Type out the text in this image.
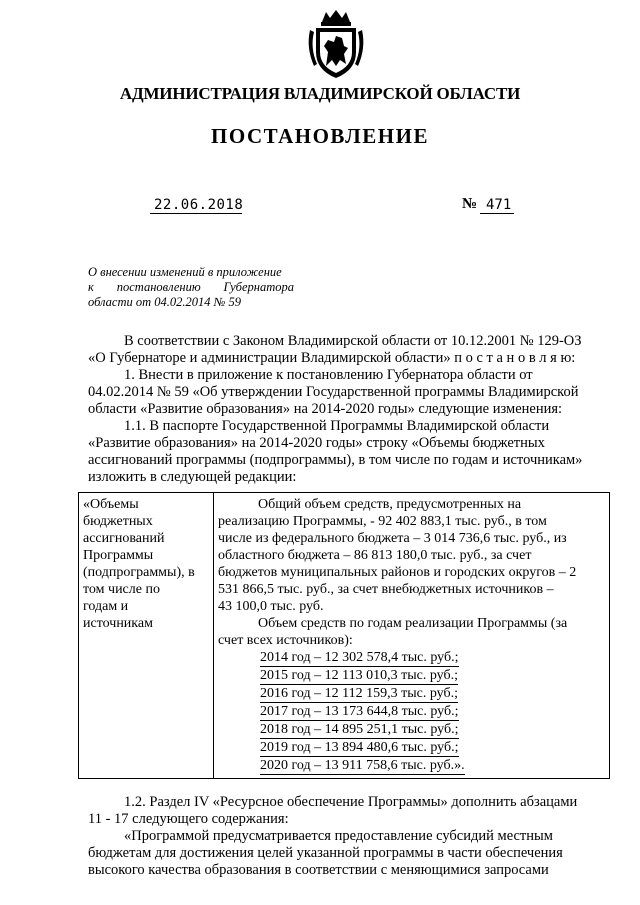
АДМИНИСТРАЦИЯ ВЛАДИМИРСКОЙ ОБЛАСТИ
ПОСТАНОВЛЕНИЕ
22.06.2018	№ 471
О внесении изменений в приложение
к постановлению Губернатора
области от 04.02.2014 № 59
В соответствии с Законом Владимирской области от 10.12.2001 № 129-ОЗ
«О Губернаторе и администрации Владимирской области» п о с т а н о в л я ю:
1. Внести в приложение к постановлению Губернатора области от
04.02.2014 № 59 «Об утверждении Государственной программы Владимирской
области «Развитие образования» на 2014-2020 годы» следующие изменения:
1.1. В паспорте Государственной Программы Владимирской области
«Развитие образования» на 2014-2020 годы» строку «Объемы бюджетных
ассигнований программы (подпрограммы), в том числе по годам и источникам»
изложить в следующей редакции:
«Объемы
бюджетных
ассигнований
Программы
(подпрограммы), в
том числе по
годам и
источникам

Общий объем средств, предусмотренных на
реализацию Программы, - 92 402 883,1 тыс. руб., в том
числе из федерального бюджета – 3 014 736,6 тыс. руб., из
областного бюджета – 86 813 180,0 тыс. руб., за счет
бюджетов муниципальных районов и городских округов – 2
531 866,5 тыс. руб., за счет внебюджетных источников –
43 100,0 тыс. руб.
Объем средств по годам реализации Программы (за
счет всех источников):
2014 год – 12 302 578,4 тыс. руб.;
2015 год – 12 113 010,3 тыс. руб.;
2016 год – 12 112 159,3 тыс. руб.;
2017 год – 13 173 644,8 тыс. руб.;
2018 год – 14 895 251,1 тыс. руб.;
2019 год – 13 894 480,6 тыс. руб.;
2020 год – 13 911 758,6 тыс. руб.».
1.2. Раздел IV «Ресурсное обеспечение Программы» дополнить абзацами
11 - 17 следующего содержания:
«Программой предусматривается предоставление субсидий местным
бюджетам для достижения целей указанной программы в части обеспечения
высокого качества образования в соответствии с меняющимися запросами
